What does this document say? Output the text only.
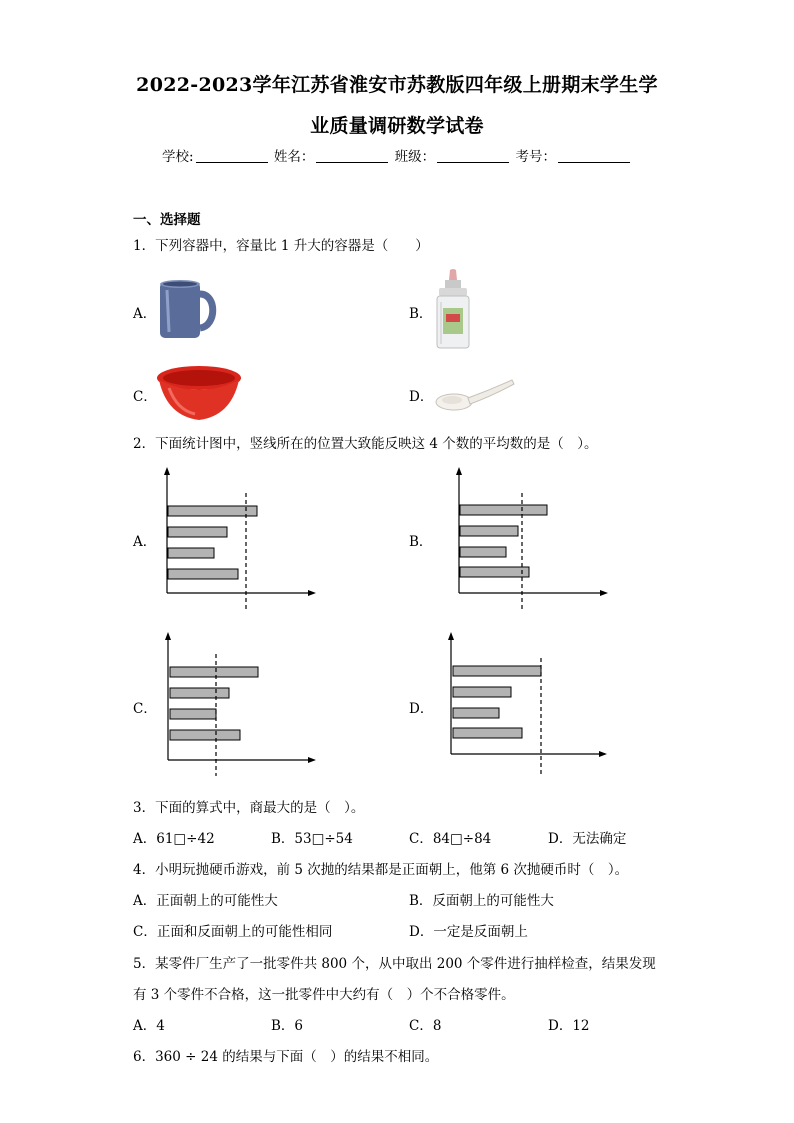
2022-2023学年江苏省淮安市苏教版四年级上册期末学生学
业质量调研数学试卷
学校:	姓名：	班级：	考号：
一、选择题
1．下列容器中，容量比 1 升大的容器是（　　）
A．	B．
C．	D．
2．下面统计图中，竖线所在的位置大致能反映这 4 个数的平均数的是（　）。
A．	B．
C．	D．
3．下面的算式中，商最大的是（　）。
A．61□÷42	B．53□÷54	C．84□÷84	D．无法确定
4．小明玩抛硬币游戏，前 5 次抛的结果都是正面朝上，他第 6 次抛硬币时（　）。
A．正面朝上的可能性大	B．反面朝上的可能性大
C．正面和反面朝上的可能性相同	D．一定是反面朝上
5．某零件厂生产了一批零件共 800 个，从中取出 200 个零件进行抽样检查，结果发现
有 3 个零件不合格，这一批零件中大约有（　）个不合格零件。
A．4	B．6	C．8	D．12
6．360 ÷ 24 的结果与下面（　）的结果不相同。
